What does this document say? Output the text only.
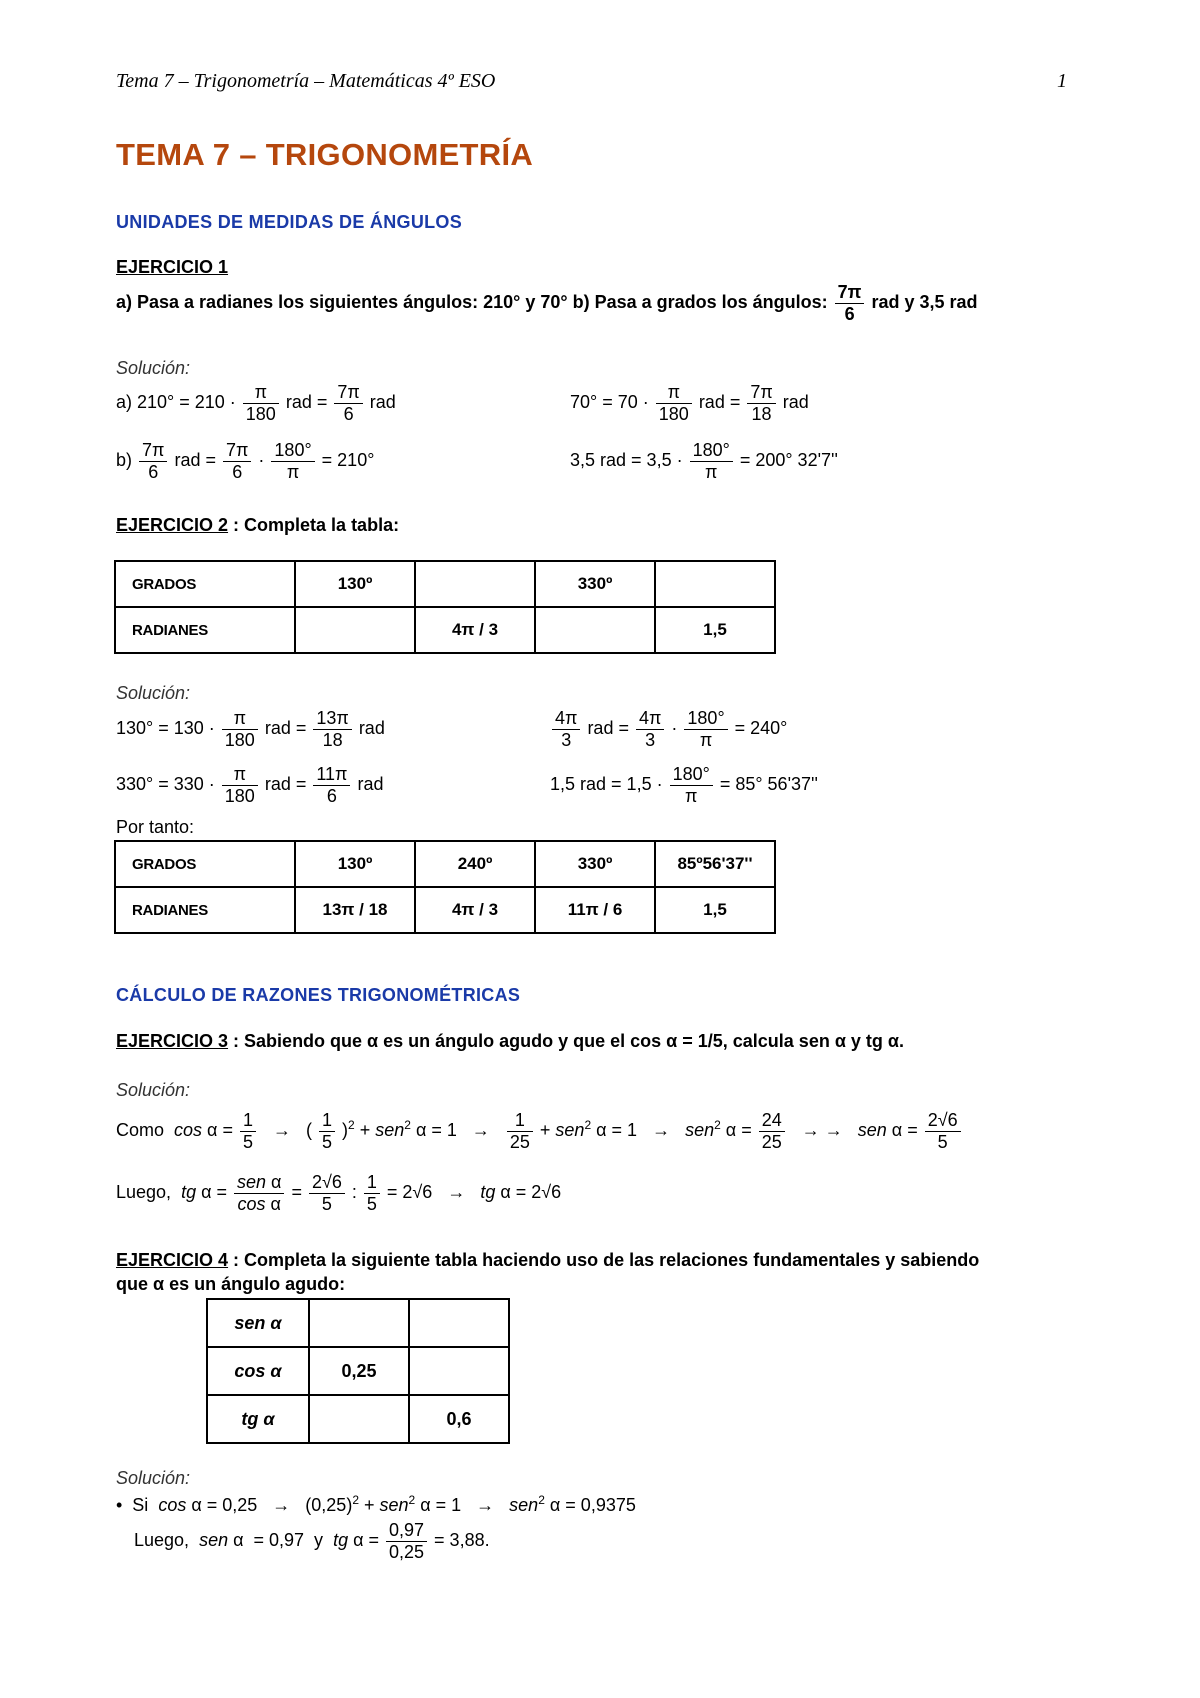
Tema 7 – Trigonometría – Matemáticas 4º ESO	1
TEMA 7 – TRIGONOMETRÍA
UNIDADES DE MEDIDAS DE ÁNGULOS
EJERCICIO 1
a) Pasa a radianes los siguientes ángulos: 210° y 70° b) Pasa a grados los ángulos: $\frac{7\pi}{6}$ rad y 3,5 rad
Solución:
a) $210^\circ = 210 \cdot \frac{\pi}{180}$ rad = $\frac{7\pi}{6}$ rad	$70^\circ = 70 \cdot \frac{\pi}{180}$ rad = $\frac{7\pi}{18}$ rad
$b) \frac{7\pi}{6}$ rad = $\frac{7\pi}{6} \cdot \frac{180^\circ}{\pi} = 210^\circ$	3,5 rad = $3,5 \cdot \frac{180^\circ}{\pi} = 200^\circ$ 32'7''
EJERCICIO 2 : Completa la tabla:
GRADOS	130º		330º	
RADIANES		4π / 3		1,5
Solución:
$130^\circ = 130 \cdot \frac{\pi}{180}$ rad = $\frac{13\pi}{18}$ rad	$\frac{4\pi}{3}$ rad = $\frac{4\pi}{3} \cdot \frac{180^\circ}{\pi} = 240^\circ$
$330^\circ = 330 \cdot \frac{\pi}{180}$ rad = $\frac{11\pi}{6}$ rad	1,5 rad = $1,5 \cdot \frac{180^\circ}{\pi} = 85^\circ$ 56'37''
Por tanto:
GRADOS	130º	240º	330º	85º56'37''
RADIANES	13π / 18	4π / 3	11π / 6	1,5
CÁLCULO DE RAZONES TRIGONOMÉTRICAS
EJERCICIO 3 : Sabiendo que α es un ángulo agudo y que el cos α = 1/5, calcula sen α y tg α.
Solución:
Como  $\cos \alpha = \frac{1}{5}$ →   ( $\frac{1}{5} )^2 + sen^2$ $\alpha = 1 \to \frac{1}{25} + sen^2$ α = 1   →   sen$^2$ $\alpha = \frac{24}{25}$ → →   sen $\alpha = \frac{2√6}{5}$
Luego,  tg $\alpha = \frac{\text{sen α}}{\text{cos α}} = \frac{2√6}{5}$ : $\frac{1}{5} = 2√6$   →   tg α = 2√6
EJERCICIO 4 : Completa la siguiente tabla haciendo uso de las relaciones fundamentales y sabiendo
que α es un ángulo agudo:
sen α		
cos α	0,25	
tg α		0,6
Solución:
•  Si  $\cos \alpha = 0,25 \to (0,25)^2 + sen^2$ α = 1   →   sen$^2$ α = 0,9375
Luego,  sen α  = 0,97  y  tg $\alpha = \frac{0,97}{0,25} = 3,88$.
